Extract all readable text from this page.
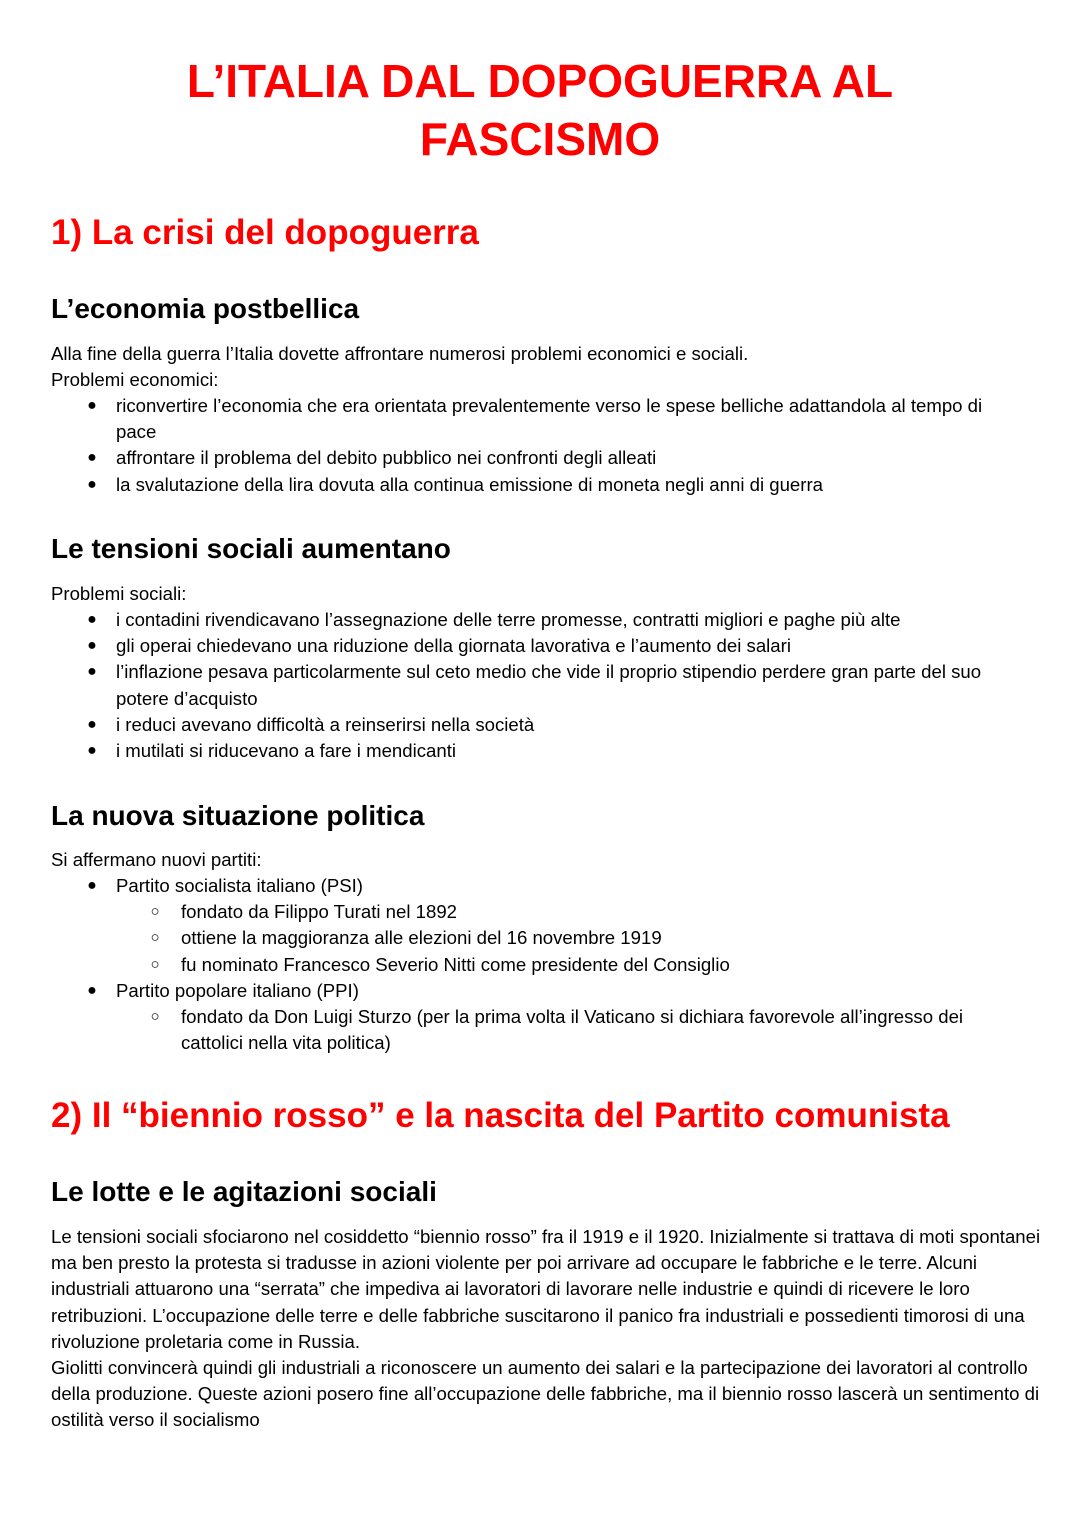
L’ITALIA DAL DOPOGUERRA AL
FASCISMO
1) La crisi del dopoguerra
L’economia postbellica
Alla fine della guerra l’Italia dovette affrontare numerosi problemi economici e sociali.
Problemi economici:
● riconvertire l’economia che era orientata prevalentemente verso le spese belliche adattandola al tempo di pace
● affrontare il problema del debito pubblico nei confronti degli alleati
● la svalutazione della lira dovuta alla continua emissione di moneta negli anni di guerra
Le tensioni sociali aumentano
Problemi sociali:
● i contadini rivendicavano l’assegnazione delle terre promesse, contratti migliori e paghe più alte
● gli operai chiedevano una riduzione della giornata lavorativa e l’aumento dei salari
● l’inflazione pesava particolarmente sul ceto medio che vide il proprio stipendio perdere gran parte del suo potere d’acquisto
● i reduci avevano difficoltà a reinserirsi nella società
● i mutilati si riducevano a fare i mendicanti
La nuova situazione politica
Si affermano nuovi partiti:
● Partito socialista italiano (PSI)
○ fondato da Filippo Turati nel 1892
○ ottiene la maggioranza alle elezioni del 16 novembre 1919
○ fu nominato Francesco Severio Nitti come presidente del Consiglio
● Partito popolare italiano (PPI)
○ fondato da Don Luigi Sturzo (per la prima volta il Vaticano si dichiara favorevole all’ingresso dei cattolici nella vita politica)
2) Il “biennio rosso” e la nascita del Partito comunista
Le lotte e le agitazioni sociali
Le tensioni sociali sfociarono nel cosiddetto “biennio rosso” fra il 1919 e il 1920. Inizialmente si trattava di moti spontanei ma ben presto la protesta si tradusse in azioni violente per poi arrivare ad occupare le fabbriche e le terre. Alcuni industriali attuarono una “serrata” che impediva ai lavoratori di lavorare nelle industrie e quindi di ricevere le loro retribuzioni. L’occupazione delle terre e delle fabbriche suscitarono il panico fra industriali e possedienti timorosi di una rivoluzione proletaria come in Russia.
Giolitti convincerà quindi gli industriali a riconoscere un aumento dei salari e la partecipazione dei lavoratori al controllo della produzione. Queste azioni posero fine all’occupazione delle fabbriche, ma il biennio rosso lascerà un sentimento di ostilità verso il socialismo
